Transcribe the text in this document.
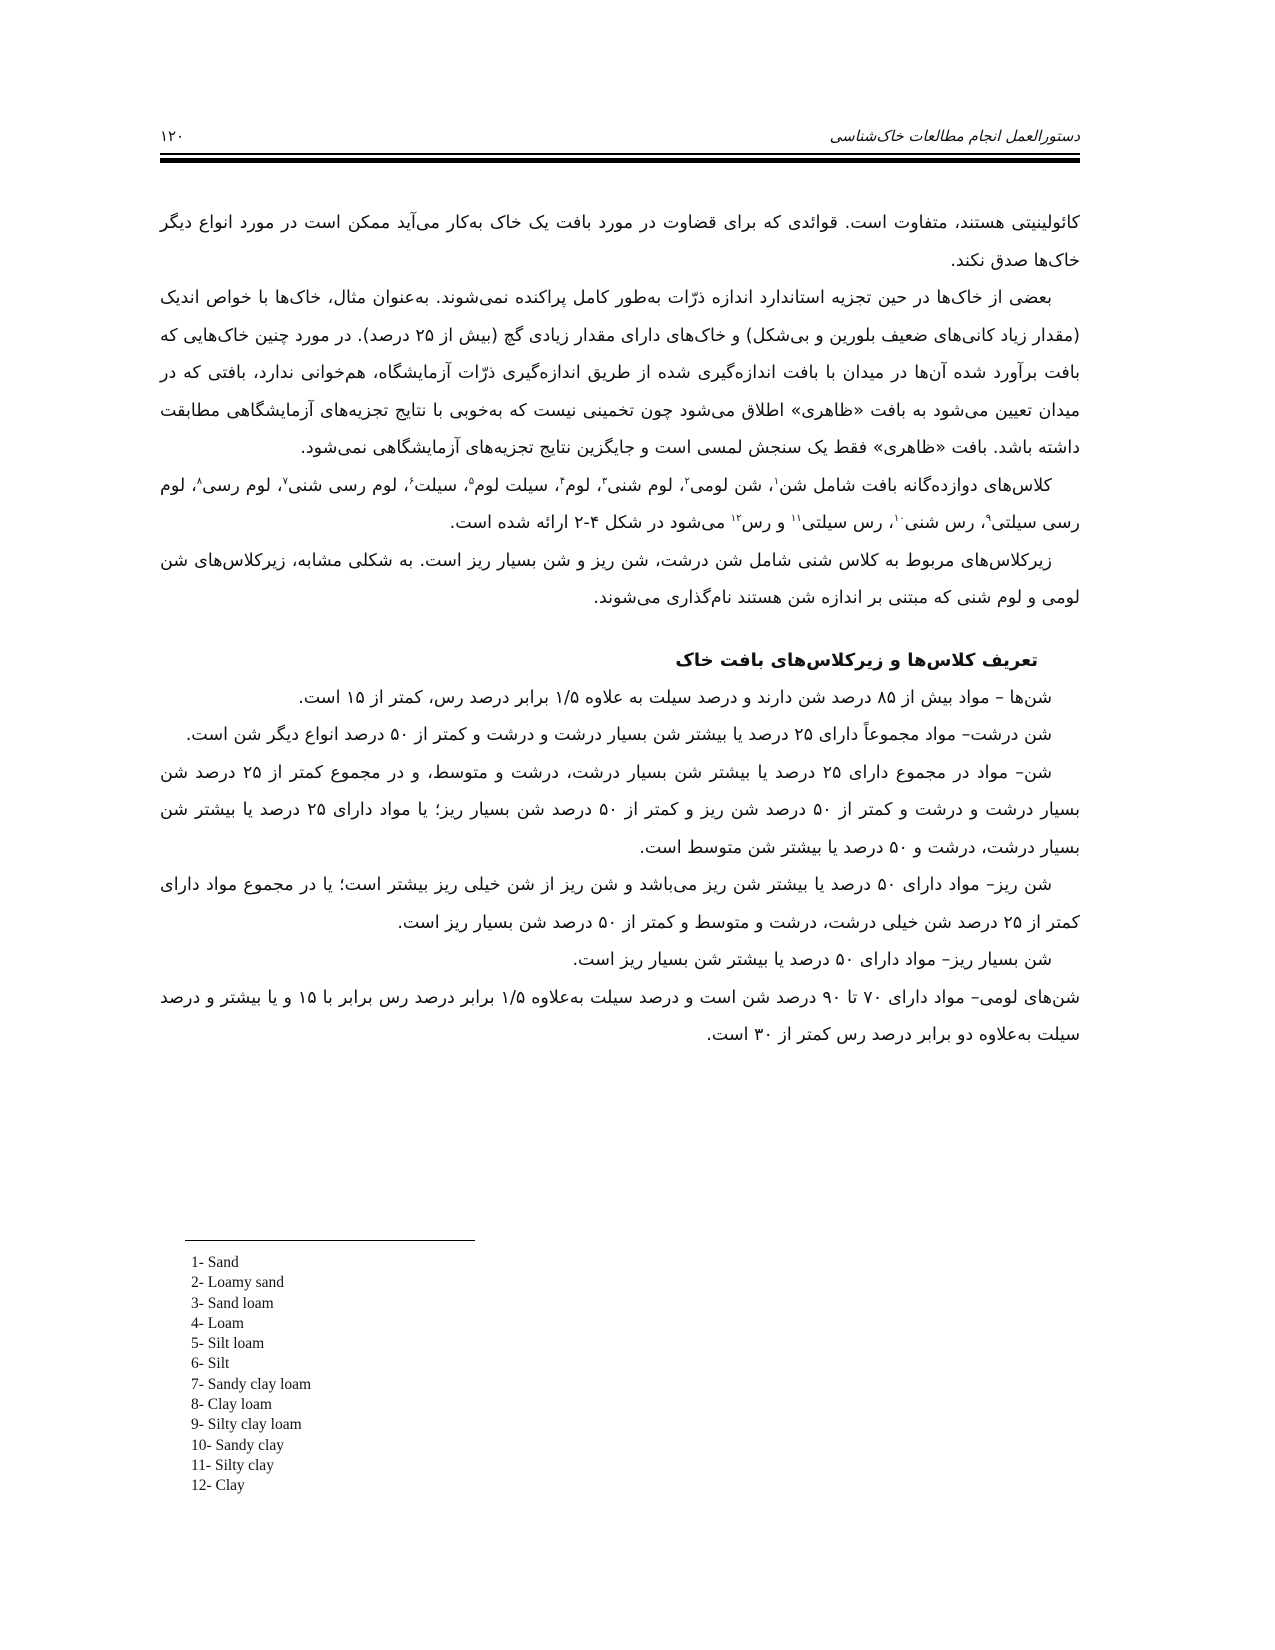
دستورالعمل انجام مطالعات خاک‌شناسی
۱۲۰

کائولینیتی هستند، متفاوت است. قوائدی که برای قضاوت در مورد بافت یک خاک به‌کار می‌آید ممکن است در مورد انواع دیگر خاک‌ها صدق نکند.

بعضی از خاک‌ها در حین تجزیه استاندارد اندازه ذرّات به‌طور کامل پراکنده نمی‌شوند. به‌عنوان مثال، خاک‌ها با خواص اندیک (مقدار زیاد کانی‌های ضعیف بلورین و بی‌شکل) و خاک‌های دارای مقدار زیادی گچ (بیش از ۲۵ درصد). در مورد چنین خاک‌هایی که بافت برآورد شده آن‌ها در میدان با بافت اندازه‌گیری شده از طریق اندازه‌گیری ذرّات آزمایشگاه، هم‌خوانی ندارد، بافتی که در میدان تعیین می‌شود به بافت «ظاهری» اطلاق می‌شود چون تخمینی نیست که به‌خوبی با نتایج تجزیه‌های آزمایشگاهی مطابقت داشته باشد. بافت «ظاهری» فقط یک سنجش لمسی است و جایگزین نتایج تجزیه‌های آزمایشگاهی نمی‌شود.

کلاس‌های دوازده‌گانه بافت شامل شن$^۱$، شن لومی$^۲$، لوم شنی$^۳$، لوم$^۴$، سیلت لوم$^۵$، سیلت$^۶$، لوم رسی شنی$^۷$، لوم رسی$^۸$، لوم رسی سیلتی$^۹$، رس شنی$^{۱۰}$، رس سیلتی$^{۱۱}$ و رس$^{۱۲}$ می‌شود در شکل ۴-۲ ارائه شده است.

زیرکلاس‌های مربوط به کلاس شنی شامل شن درشت، شن ریز و شن بسیار ریز است. به شکلی مشابه، زیرکلاس‌های شن لومی و لوم شنی که مبتنی بر اندازه شن هستند نام‌گذاری می‌شوند.

تعریف کلاس‌ها و زیرکلاس‌های بافت خاک

شن‌ها – مواد بیش از ۸۵ درصد شن دارند و درصد سیلت به علاوه ۱/۵ برابر درصد رس، کمتر از ۱۵ است.

شن درشت– مواد مجموعاً دارای ۲۵ درصد یا بیشتر شن بسیار درشت و درشت و کمتر از ۵۰ درصد انواع دیگر شن است.

شن– مواد در مجموع دارای ۲۵ درصد یا بیشتر شن بسیار درشت، درشت و متوسط، و در مجموع کمتر از ۲۵ درصد شن بسیار درشت و درشت و کمتر از ۵۰ درصد شن ریز و کمتر از ۵۰ درصد شن بسیار ریز؛ یا مواد دارای ۲۵ درصد یا بیشتر شن بسیار درشت، درشت و ۵۰ درصد یا بیشتر شن متوسط است.

شن ریز– مواد دارای ۵۰ درصد یا بیشتر شن ریز می‌باشد و شن ریز از شن خیلی ریز بیشتر است؛ یا در مجموع مواد دارای کمتر از ۲۵ درصد شن خیلی درشت، درشت و متوسط و کمتر از ۵۰ درصد شن بسیار ریز است.

شن بسیار ریز– مواد دارای ۵۰ درصد یا بیشتر شن بسیار ریز است.

شن‌های لومی– مواد دارای ۷۰ تا ۹۰ درصد شن است و درصد سیلت به‌علاوه ۱/۵ برابر درصد رس برابر با ۱۵ و یا بیشتر و درصد سیلت به‌علاوه دو برابر درصد رس کمتر از ۳۰ است.

1- Sand
2- Loamy sand
3- Sand loam
4- Loam
5- Silt loam
6- Silt
7- Sandy clay loam
8- Clay loam
9- Silty clay loam
10- Sandy clay
11- Silty clay
12- Clay
